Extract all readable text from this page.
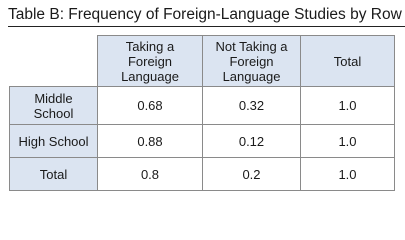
Table B: Frequency of Foreign-Language Studies by Row
	Taking a Foreign Language	Not Taking a Foreign Language	Total
Middle School	0.68	0.32	1.0
High School	0.88	0.12	1.0
Total	0.8	0.2	1.0
